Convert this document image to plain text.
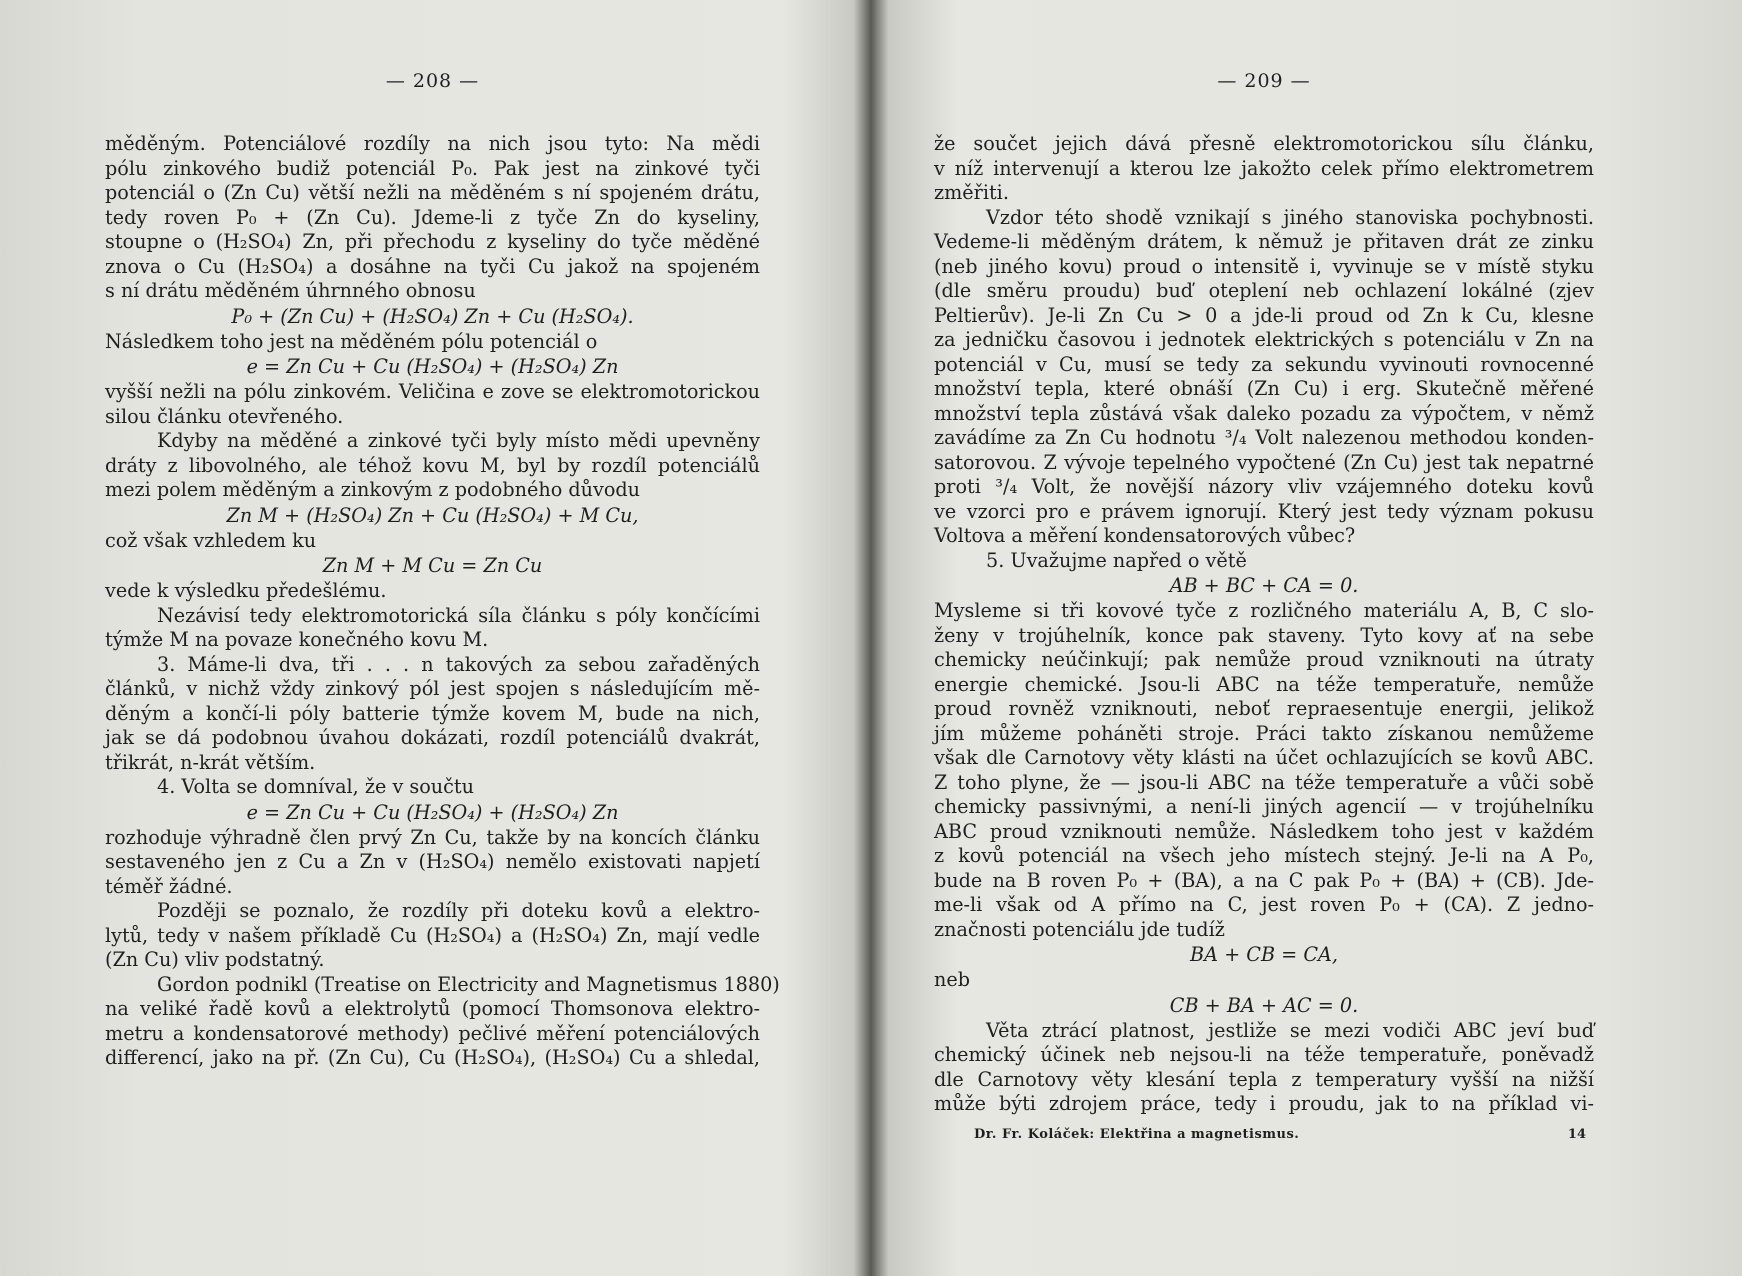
— 208 —
měděným. Potenciálové rozdíly na nich jsou tyto: Na mědi
pólu zinkového budiž potenciál P₀. Pak jest na zinkové tyči
potenciál o (Zn Cu) větší nežli na měděném s ní spojeném drátu,
tedy roven P₀ + (Zn Cu). Jdeme-li z tyče Zn do kyseliny,
stoupne o (H₂SO₄) Zn, při přechodu z kyseliny do tyče měděné
znova o Cu (H₂SO₄) a dosáhne na tyči Cu jakož na spojeném
s ní drátu měděném úhrnného obnosu
P₀ + (Zn Cu) + (H₂SO₄) Zn + Cu (H₂SO₄).
Následkem toho jest na měděném pólu potenciál o
e = Zn Cu + Cu (H₂SO₄) + (H₂SO₄) Zn
vyšší nežli na pólu zinkovém. Veličina e zove se elektromotorickou
silou článku otevřeného.
Kdyby na měděné a zinkové tyči byly místo mědi upevněny
dráty z libovolného, ale téhož kovu M, byl by rozdíl potenciálů
mezi polem měděným a zinkovým z podobného důvodu
Zn M + (H₂SO₄) Zn + Cu (H₂SO₄) + M Cu,
což však vzhledem ku
Zn M + M Cu = Zn Cu
vede k výsledku předešlému.
Nezávisí tedy elektromotorická síla článku s póly končícími
týmže M na povaze konečného kovu M.
3. Máme-li dva, tři . . . n takových za sebou zařaděných
článků, v nichž vždy zinkový pól jest spojen s následujícím mě-
děným a končí-li póly batterie týmže kovem M, bude na nich,
jak se dá podobnou úvahou dokázati, rozdíl potenciálů dvakrát,
třikrát, n-krát větším.
4. Volta se domníval, že v součtu
e = Zn Cu + Cu (H₂SO₄) + (H₂SO₄) Zn
rozhoduje výhradně člen prvý Zn Cu, takže by na koncích článku
sestaveného jen z Cu a Zn v (H₂SO₄) nemělo existovati napjetí
téměř žádné.
Později se poznalo, že rozdíly při doteku kovů a elektro-
lytů, tedy v našem příkladě Cu (H₂SO₄) a (H₂SO₄) Zn, mají vedle
(Zn Cu) vliv podstatný.
Gordon podnikl (Treatise on Electricity and Magnetismus 1880)
na veliké řadě kovů a elektrolytů (pomocí Thomsonova elektro-
metru a kondensatorové methody) pečlivé měření potenciálových
differencí, jako na př. (Zn Cu), Cu (H₂SO₄), (H₂SO₄) Cu a shledal,
— 209 —
že součet jejich dává přesně elektromotorickou sílu článku,
v níž intervenují a kterou lze jakožto celek přímo elektrometrem
změřiti.
Vzdor této shodě vznikají s jiného stanoviska pochybnosti.
Vedeme-li měděným drátem, k němuž je přitaven drát ze zinku
(neb jiného kovu) proud o intensitě i, vyvinuje se v místě styku
(dle směru proudu) buď oteplení neb ochlazení lokálné (zjev
Peltierův). Je-li Zn Cu > 0 a jde-li proud od Zn k Cu, klesne
za jedničku časovou i jednotek elektrických s potenciálu v Zn na
potenciál v Cu, musí se tedy za sekundu vyvinouti rovnocenné
množství tepla, které obnáší (Zn Cu) i erg. Skutečně měřené
množství tepla zůstává však daleko pozadu za výpočtem, v němž
zavádíme za Zn Cu hodnotu ³/₄ Volt nalezenou methodou konden-
satorovou. Z vývoje tepelného vypočtené (Zn Cu) jest tak nepatrné
proti ³/₄ Volt, že novější názory vliv vzájemného doteku kovů
ve vzorci pro e právem ignorují. Který jest tedy význam pokusu
Voltova a měření kondensatorových vůbec?
5. Uvažujme napřed o větě
AB + BC + CA = 0.
Mysleme si tři kovové tyče z rozličného materiálu A, B, C slo-
ženy v trojúhelník, konce pak staveny. Tyto kovy ať na sebe
chemicky neúčinkují; pak nemůže proud vzniknouti na útraty
energie chemické. Jsou-li ABC na téže temperatuře, nemůže
proud rovněž vzniknouti, neboť repraesentuje energii, jelikož
jím můžeme poháněti stroje. Práci takto získanou nemůžeme
však dle Carnotovy věty klásti na účet ochlazujících se kovů ABC.
Z toho plyne, že — jsou-li ABC na téže temperatuře a vůči sobě
chemicky passivnými, a není-li jiných agencií — v trojúhelníku
ABC proud vzniknouti nemůže. Následkem toho jest v každém
z kovů potenciál na všech jeho místech stejný. Je-li na A P₀,
bude na B roven P₀ + (BA), a na C pak P₀ + (BA) + (CB). Jde-
me-li však od A přímo na C, jest roven P₀ + (CA). Z jedno-
značnosti potenciálu jde tudíž
BA + CB = CA,
neb
CB + BA + AC = 0.
Věta ztrácí platnost, jestliže se mezi vodiči ABC jeví buď
chemický účinek neb nejsou-li na téže temperatuře, poněvadž
dle Carnotovy věty klesání tepla z temperatury vyšší na nižší
může býti zdrojem práce, tedy i proudu, jak to na příklad vi-
Dr. Fr. Koláček: Elektřina a magnetismus.	14
